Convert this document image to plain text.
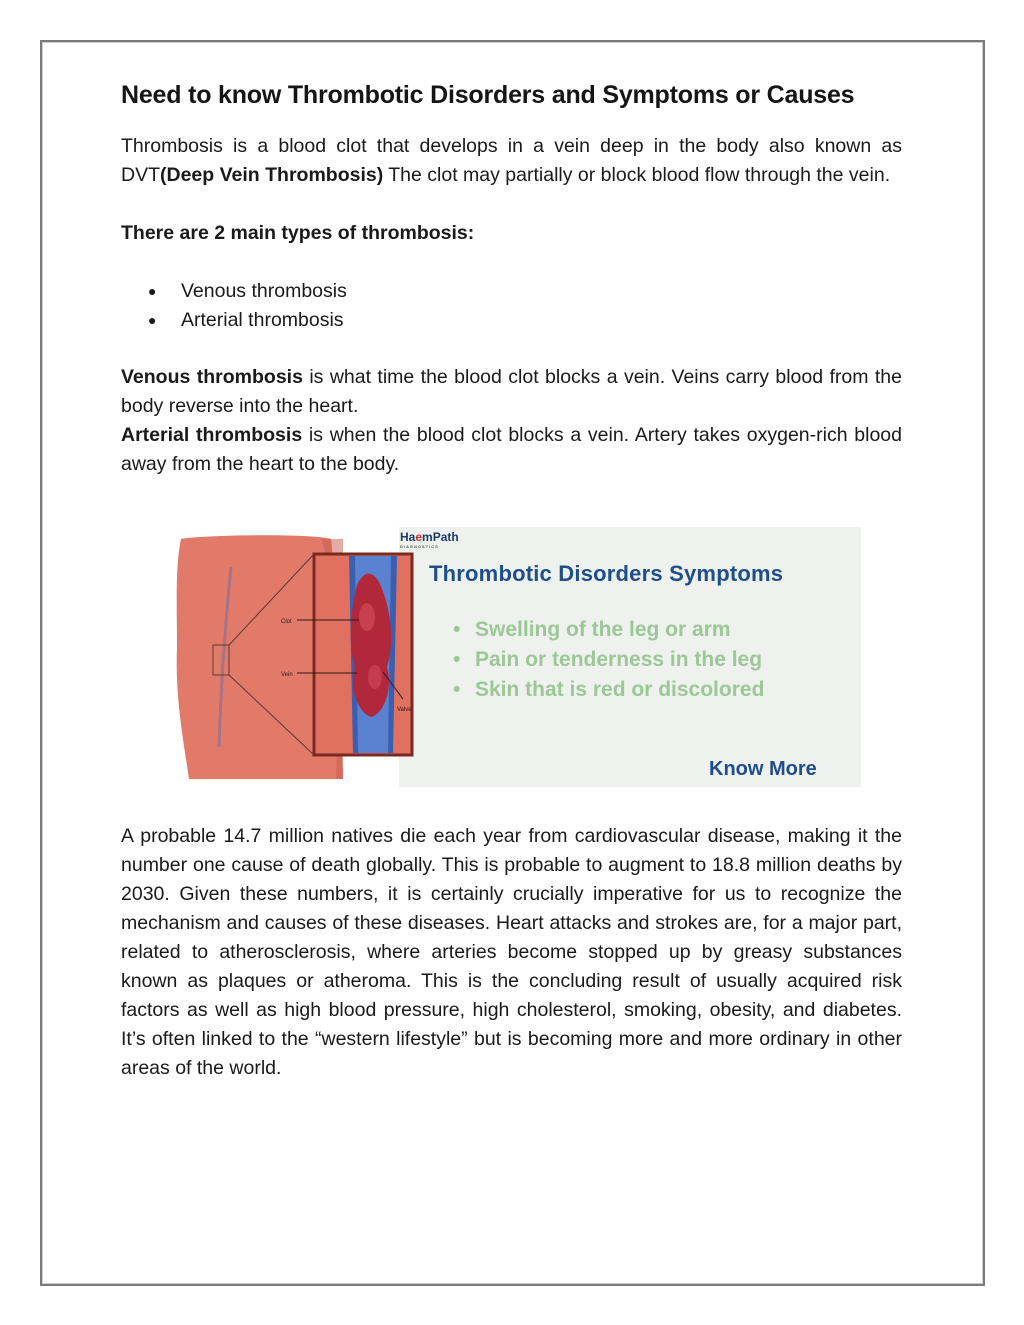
Need to know Thrombotic Disorders and Symptoms or Causes

Thrombosis is a blood clot that develops in a vein deep in the body also known as DVT(Deep Vein Thrombosis) The clot may partially or block blood flow through the vein.

There are 2 main types of thrombosis:

● Venous thrombosis
● Arterial thrombosis

Venous thrombosis is what time the blood clot blocks a vein. Veins carry blood from the body reverse into the heart.

Arterial thrombosis is when the blood clot blocks a vein. Artery takes oxygen-rich blood away from the heart to the body.

Clot
Vein
Valve
HaemPath
DIAGNOSTICS
Thrombotic Disorders Symptoms
• Swelling of the leg or arm
• Pain or tenderness in the leg
• Skin that is red or discolored
Know More

A probable 14.7 million natives die each year from cardiovascular disease, making it the number one cause of death globally. This is probable to augment to 18.8 million deaths by 2030. Given these numbers, it is certainly crucially imperative for us to recognize the mechanism and causes of these diseases. Heart attacks and strokes are, for a major part, related to atherosclerosis, where arteries become stopped up by greasy substances known as plaques or atheroma. This is the concluding result of usually acquired risk factors as well as high blood pressure, high cholesterol, smoking, obesity, and diabetes. It’s often linked to the “western lifestyle” but is becoming more and more ordinary in other areas of the world.
